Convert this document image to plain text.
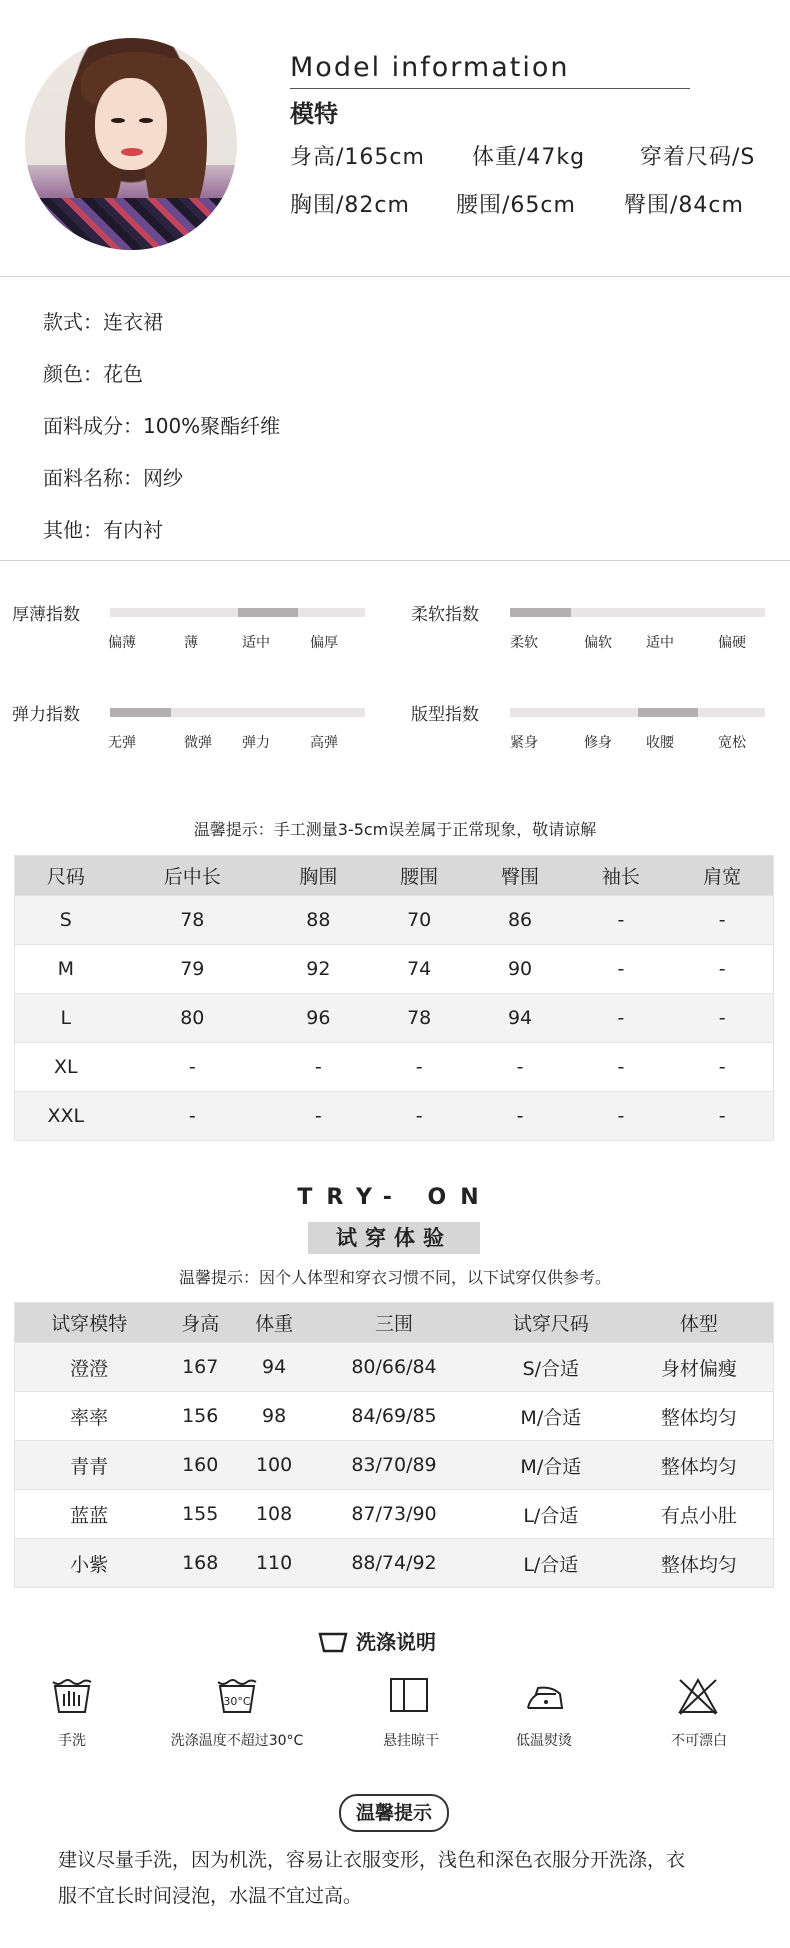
Model information
模特
身高/165cm 体重/47kg 穿着尺码/S
胸围/82cm 腰围/65cm 臀围/84cm
款式：连衣裙
颜色：花色
面料成分：100%聚酯纤维
面料名称：网纱
其他：有内衬
厚薄指数
偏薄	薄	适中	偏厚
柔软指数
柔软	偏软 适中	偏硬
弹力指数
无弹	微弹 弹力	高弹
版型指数
紧身	修身 收腰	宽松
温馨提示：手工测量3-5cm误差属于正常现象，敬请谅解
尺码	后中长	胸围	腰围	臀围	袖长	肩宽
S	78	88	70	86	-	-
M	79	92	74	90	-	-
L	80	96	78	94	-	-
XL	-	-	-	-	-	-
XXL	-	-	-	-	-	-
TRY- ON
试穿体验
温馨提示：因个人体型和穿衣习惯不同，以下试穿仅供参考。
试穿模特	身高	体重	三围	试穿尺码	体型
澄澄	167	94	80/66/84	S/合适	身材偏瘦
率率	156	98	84/69/85	M/合适	整体均匀
青青	160	100	83/70/89	M/合适	整体均匀
蓝蓝	155	108	87/73/90	L/合适	有点小肚
小紫	168	110	88/74/92	L/合适	整体均匀
洗涤说明
手洗
30°C
洗涤温度不超过30°C	悬挂晾干	低温熨烫	不可漂白
温馨提示
建议尽量手洗，因为机洗，容易让衣服变形，浅色和深色衣服分开洗涤，衣
服不宜长时间浸泡，水温不宜过高。
